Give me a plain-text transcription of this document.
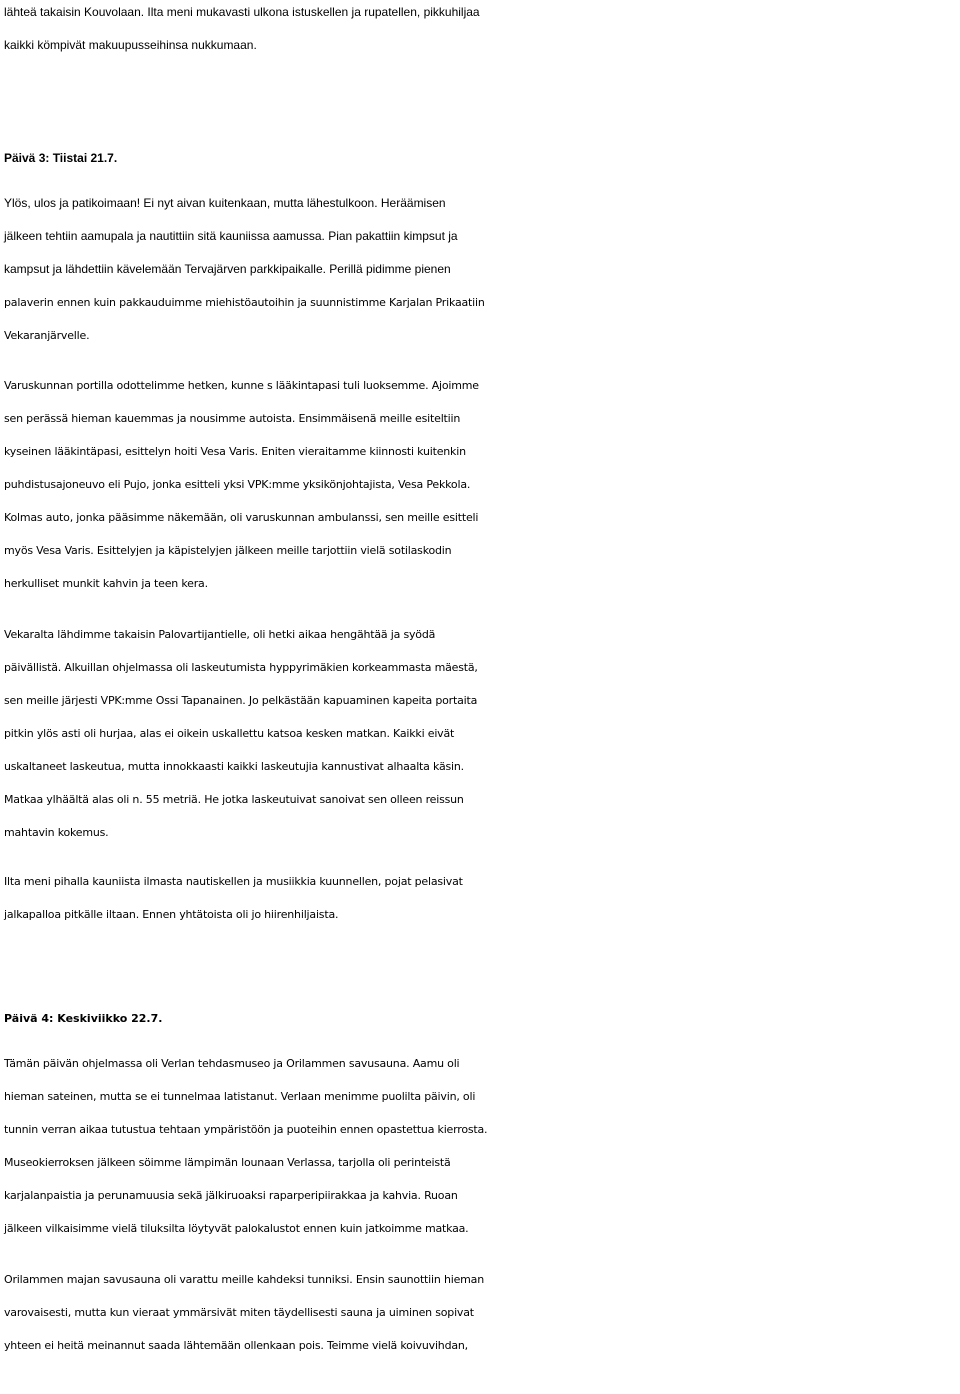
lähteä takaisin Kouvolaan. Ilta meni mukavasti ulkona istuskellen ja rupatellen, pikkuhiljaa
kaikki kömpivät makuupusseihinsa nukkumaan.
Päivä 3: Tiistai 21.7.
Ylös, ulos ja patikoimaan! Ei nyt aivan kuitenkaan, mutta lähestulkoon. Heräämisen
jälkeen tehtiin aamupala ja nautittiin sitä kauniissa aamussa. Pian pakattiin kimpsut ja
kampsut ja lähdettiin kävelemään Tervajärven parkkipaikalle. Perillä pidimme pienen
palaverin ennen kuin pakkauduimme miehistöautoihin ja suunnistimme Karjalan Prikaatiin
Vekaranjärvelle.
Varuskunnan portilla odottelimme hetken, kunne s lääkintapasi tuli luoksemme. Ajoimme
sen perässä hieman kauemmas ja nousimme autoista. Ensimmäisenä meille esiteltiin
kyseinen lääkintäpasi, esittelyn hoiti Vesa Varis. Eniten vieraitamme kiinnosti kuitenkin
puhdistusajoneuvo eli Pujo, jonka esitteli yksi VPK:mme yksikönjohtajista, Vesa Pekkola.
Kolmas auto, jonka pääsimme näkemään, oli varuskunnan ambulanssi, sen meille esitteli
myös Vesa Varis. Esittelyjen ja käpistelyjen jälkeen meille tarjottiin vielä sotilaskodin
herkulliset munkit kahvin ja teen kera.
Vekaralta lähdimme takaisin Palovartijantielle, oli hetki aikaa hengähtää ja syödä
päivällistä. Alkuillan ohjelmassa oli laskeutumista hyppyrimäkien korkeammasta mäestä,
sen meille järjesti VPK:mme Ossi Tapanainen. Jo pelkästään kapuaminen kapeita portaita
pitkin ylös asti oli hurjaa, alas ei oikein uskallettu katsoa kesken matkan. Kaikki eivät
uskaltaneet laskeutua, mutta innokkaasti kaikki laskeutujia kannustivat alhaalta käsin.
Matkaa ylhäältä alas oli n. 55 metriä. He jotka laskeutuivat sanoivat sen olleen reissun
mahtavin kokemus.
Ilta meni pihalla kauniista ilmasta nautiskellen ja musiikkia kuunnellen, pojat pelasivat
jalkapalloa pitkälle iltaan. Ennen yhtätoista oli jo hiirenhiljaista.
Päivä 4: Keskiviikko 22.7.
Tämän päivän ohjelmassa oli Verlan tehdasmuseo ja Orilammen savusauna. Aamu oli
hieman sateinen, mutta se ei tunnelmaa latistanut. Verlaan menimme puolilta päivin, oli
tunnin verran aikaa tutustua tehtaan ympäristöön ja puoteihin ennen opastettua kierrosta.
Museokierroksen jälkeen söimme lämpimän lounaan Verlassa, tarjolla oli perinteistä
karjalanpaistia ja perunamuusia sekä jälkiruoaksi raparperipiirakkaa ja kahvia. Ruoan
jälkeen vilkaisimme vielä tiluksilta löytyvät palokalustot ennen kuin jatkoimme matkaa.
Orilammen majan savusauna oli varattu meille kahdeksi tunniksi. Ensin saunottiin hieman
varovaisesti, mutta kun vieraat ymmärsivät miten täydellisesti sauna ja uiminen sopivat
yhteen ei heitä meinannut saada lähtemään ollenkaan pois. Teimme vielä koivuvihdan,
